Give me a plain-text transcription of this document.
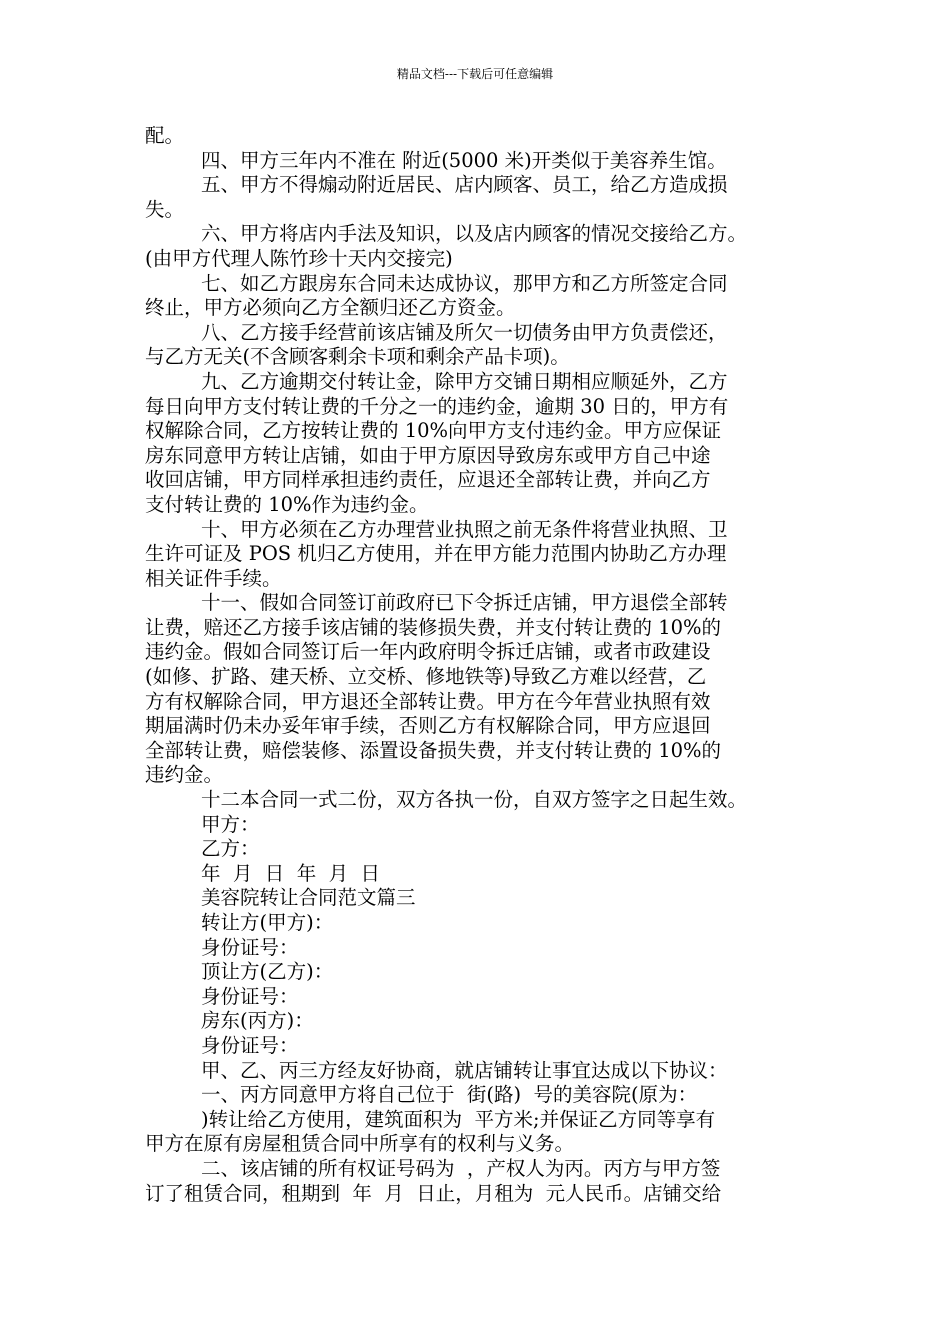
精品文档---下载后可任意编辑

配。

四、甲方三年内不准在 附近(5000 米)开类似于美容养生馆。

五、甲方不得煽动附近居民、店内顾客、员工，给乙方造成损
失。

六、甲方将店内手法及知识，以及店内顾客的情况交接给乙方。
(由甲方代理人陈竹珍十天内交接完)

七、如乙方跟房东合同未达成协议，那甲方和乙方所签定合同
终止，甲方必须向乙方全额归还乙方资金。

八、乙方接手经营前该店铺及所欠一切债务由甲方负责偿还，
与乙方无关(不含顾客剩余卡项和剩余产品卡项)。

九、乙方逾期交付转让金，除甲方交铺日期相应顺延外，乙方
每日向甲方支付转让费的千分之一的违约金，逾期 30 日的，甲方有
权解除合同，乙方按转让费的 10%向甲方支付违约金。甲方应保证
房东同意甲方转让店铺，如由于甲方原因导致房东或甲方自己中途
收回店铺，甲方同样承担违约责任，应退还全部转让费，并向乙方
支付转让费的 10%作为违约金。

十、甲方必须在乙方办理营业执照之前无条件将营业执照、卫
生许可证及 POS 机归乙方使用，并在甲方能力范围内协助乙方办理
相关证件手续。

十一、假如合同签订前政府已下令拆迁店铺，甲方退偿全部转
让费，赔还乙方接手该店铺的装修损失费，并支付转让费的 10%的
违约金。假如合同签订后一年内政府明令拆迁店铺，或者市政建设
(如修、扩路、建天桥、立交桥、修地铁等)导致乙方难以经营，乙
方有权解除合同，甲方退还全部转让费。甲方在今年营业执照有效
期届满时仍未办妥年审手续，否则乙方有权解除合同，甲方应退回
全部转让费，赔偿装修、添置设备损失费，并支付转让费的 10%的
违约金。

十二本合同一式二份，双方各执一份，自双方签字之日起生效。

甲方：

乙方：

年  月  日  年  月  日

美容院转让合同范文篇三

转让方(甲方)：

身份证号：

顶让方(乙方)：

身份证号：

房东(丙方)：

身份证号：

甲、乙、丙三方经友好协商，就店铺转让事宜达成以下协议：

一、丙方同意甲方将自己位于  街(路)  号的美容院(原为：

)转让给乙方使用，建筑面积为  平方米;并保证乙方同等享有
甲方在原有房屋租赁合同中所享有的权利与义务。

二、该店铺的所有权证号码为  ，产权人为丙。丙方与甲方签
订了租赁合同，租期到  年  月  日止，月租为  元人民币。店铺交给
